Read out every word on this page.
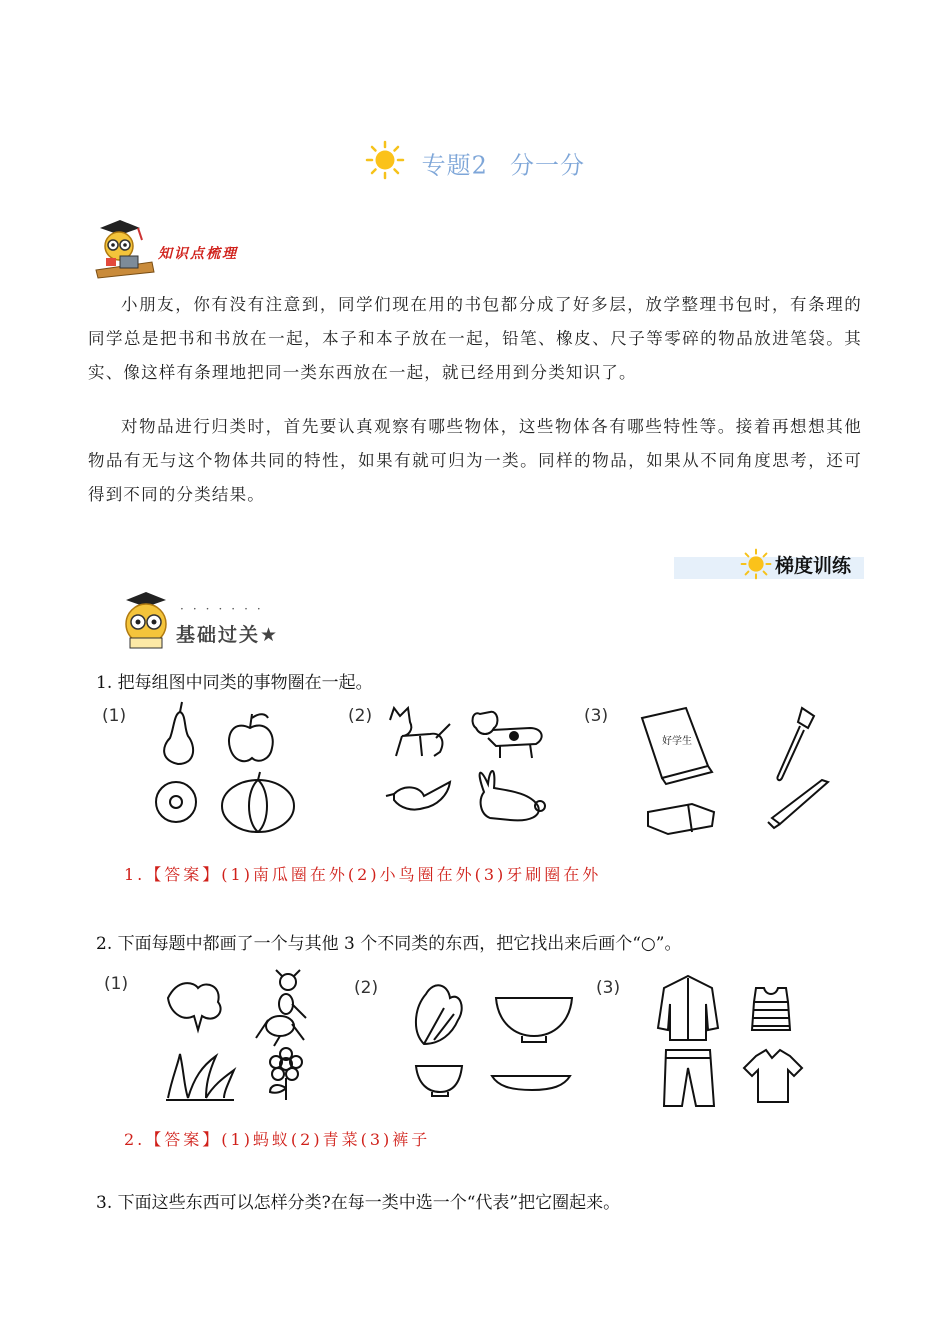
专题2 分一分
知识点梳理

小朋友，你有没有注意到，同学们现在用的书包都分成了好多层，放学整理书包时，有条理的同学总是把书和书放在一起，本子和本子放在一起，铅笔、橡皮、尺子等零碎的物品放进笔袋。其实、像这样有条理地把同一类东西放在一起，就已经用到分类知识了。

对物品进行归类时，首先要认真观察有哪些物体，这些物体各有哪些特性等。接着再想想其他物品有无与这个物体共同的特性，如果有就可归为一类。同样的物品，如果从不同角度思考，还可得到不同的分类结果。

梯度训练
·······
基础过关★
1. 把每组图中同类的事物圈在一起。
(1)	(2)	(3)
好学生
1.【答案】(1)南瓜圈在外(2)小鸟圈在外(3)牙刷圈在外
2. 下面每题中都画了一个与其他 3 个不同类的东西，把它找出来后画个“○”。
(1)	(2)	(3)
2.【答案】(1)蚂蚁(2)青菜(3)裤子
3. 下面这些东西可以怎样分类?在每一类中选一个“代表”把它圈起来。
